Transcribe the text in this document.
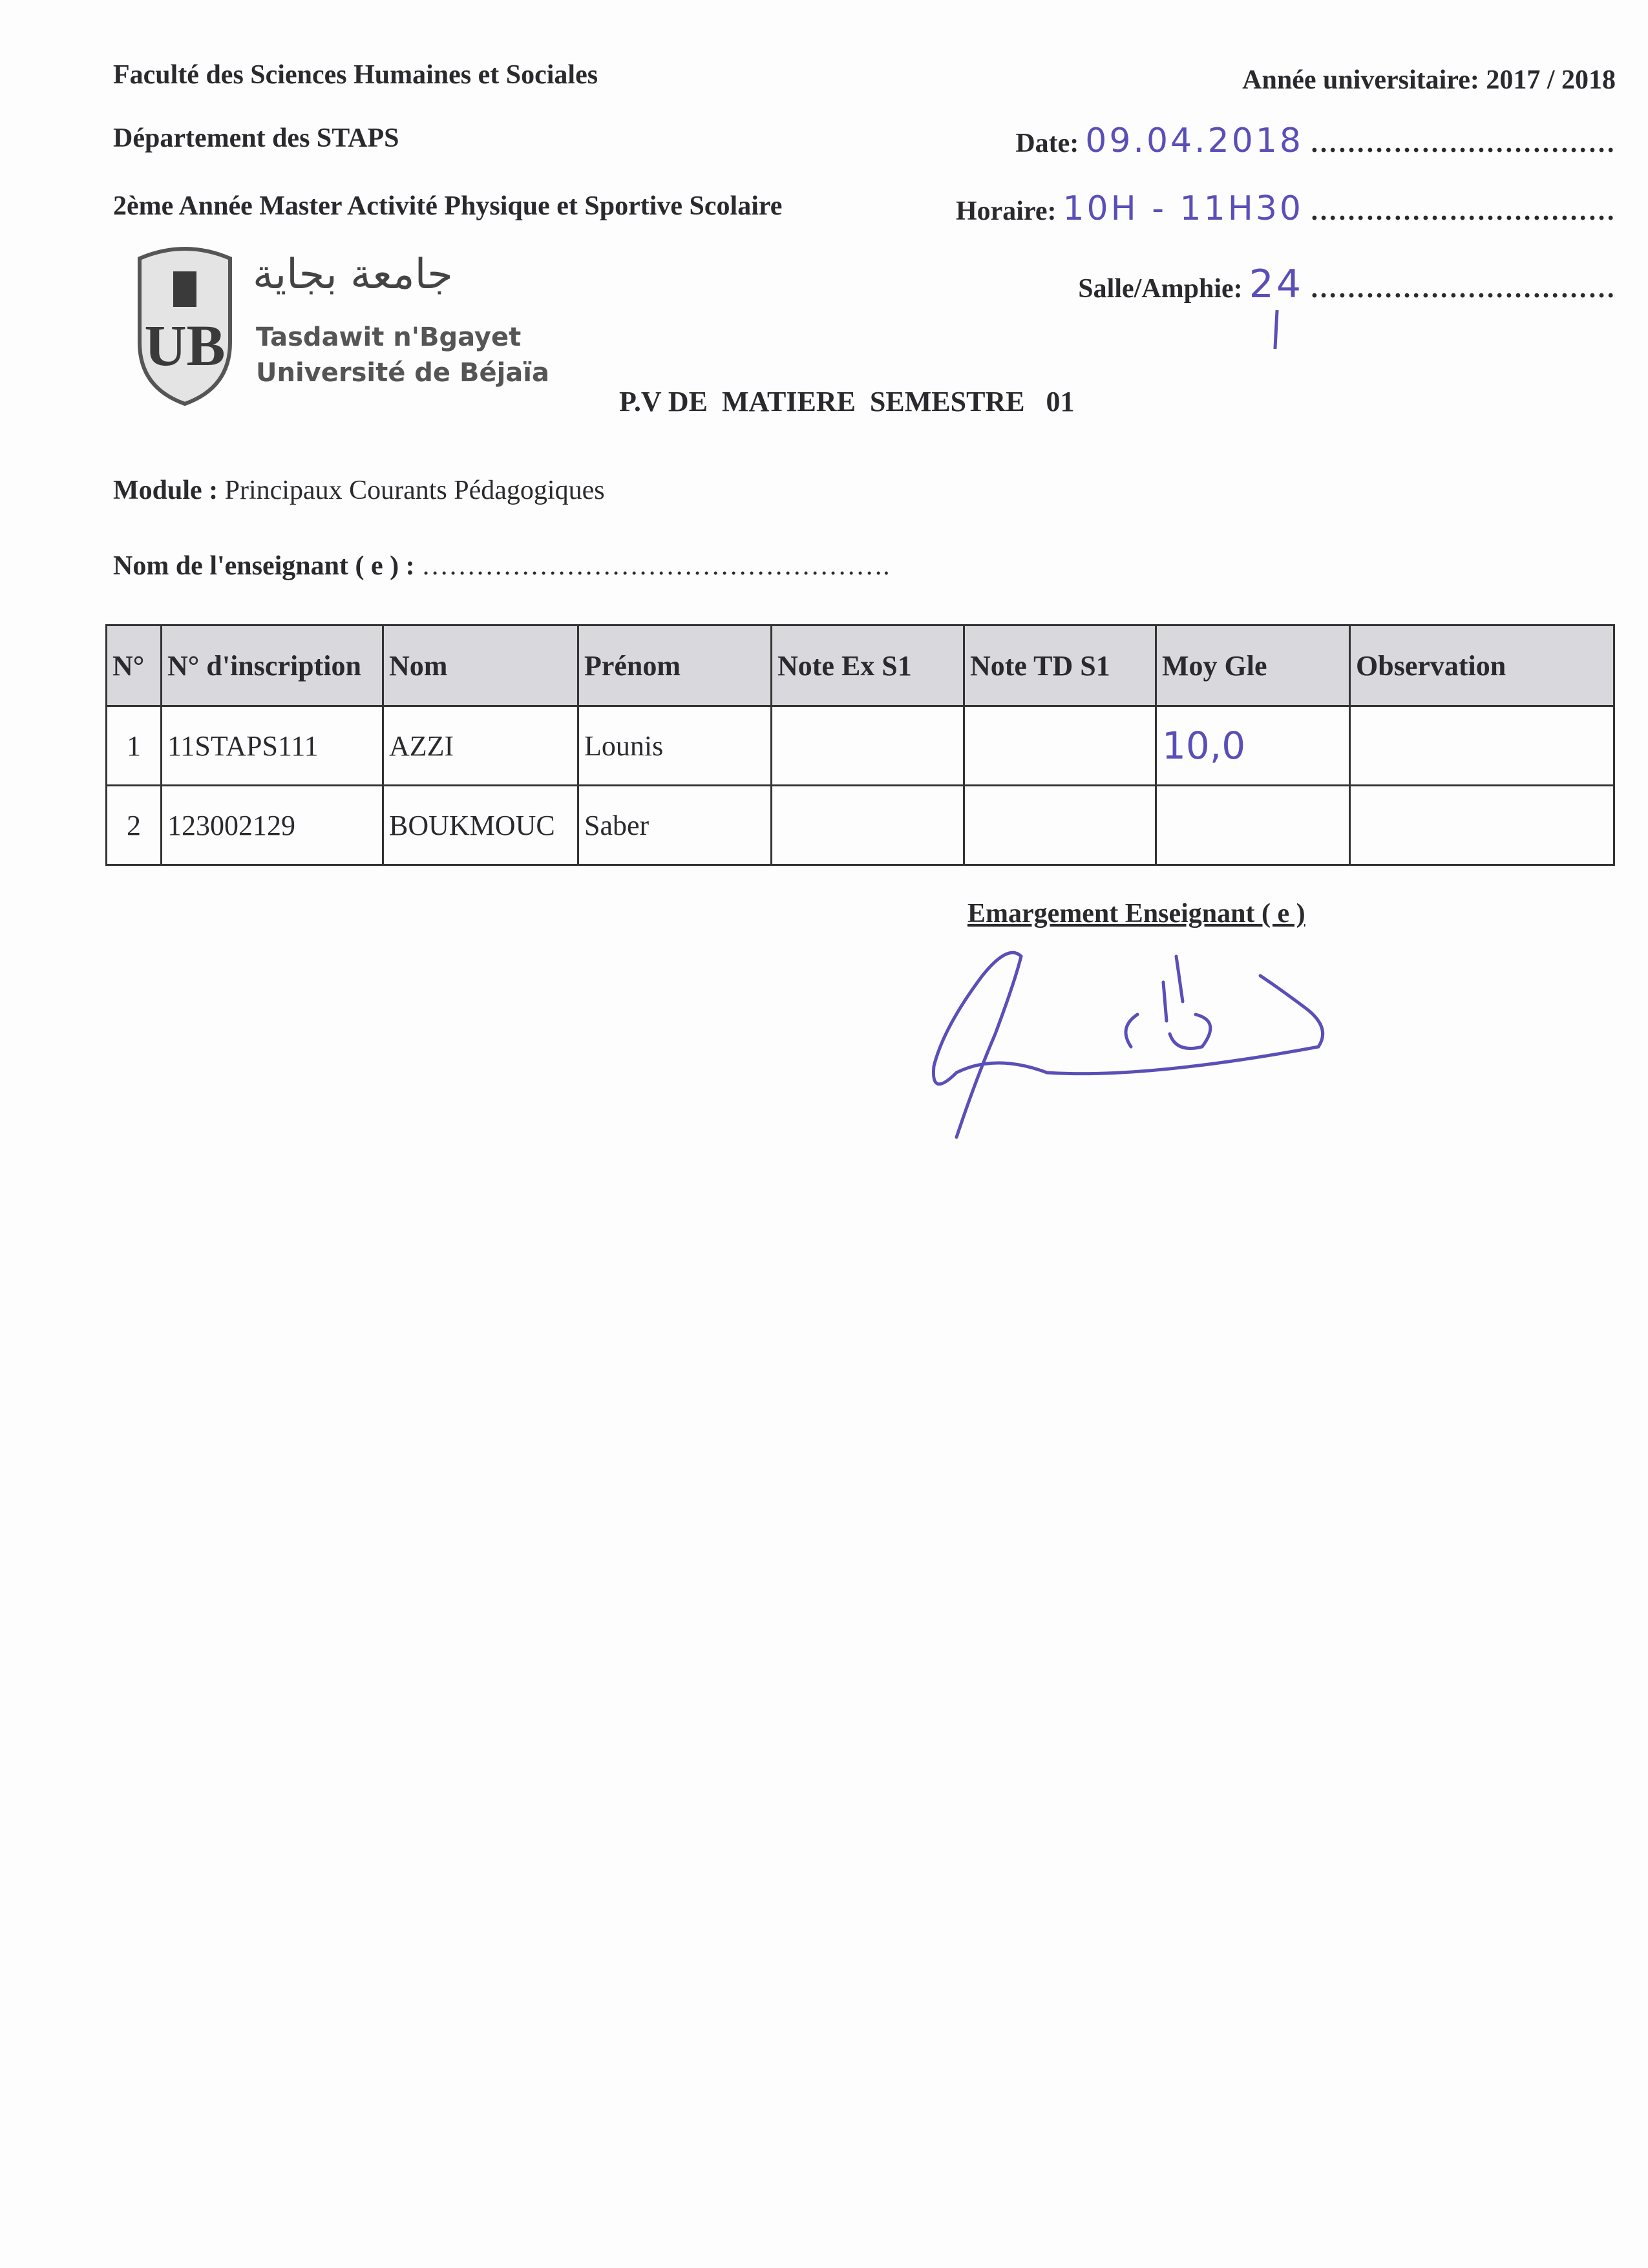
Faculté des Sciences Humaines et Sociales
Département des STAPS
2ème Année Master Activité Physique et Sportive Scolaire
Année universitaire: 2017 / 2018
Date: 09.04.2018 ……………………………
Horaire: 10H - 11H30 ……………………………
Salle/Amphie: 24 ……………………………
UB
جامعة بجاية
Tasdawit n'Bgayet
Université de Béjaïa
P.V DE  MATIERE  SEMESTRE   01
Module : Principaux Courants Pédagogiques
Nom de l'enseignant ( e ) : …………………………………………….
N°	N° d'inscription	Nom	Prénom	Note Ex S1	Note TD S1	Moy Gle	Observation
1	11STAPS111	AZZI	Lounis			10,0	
2	123002129	BOUKMOUC	Saber				
Emargement Enseignant ( e )
